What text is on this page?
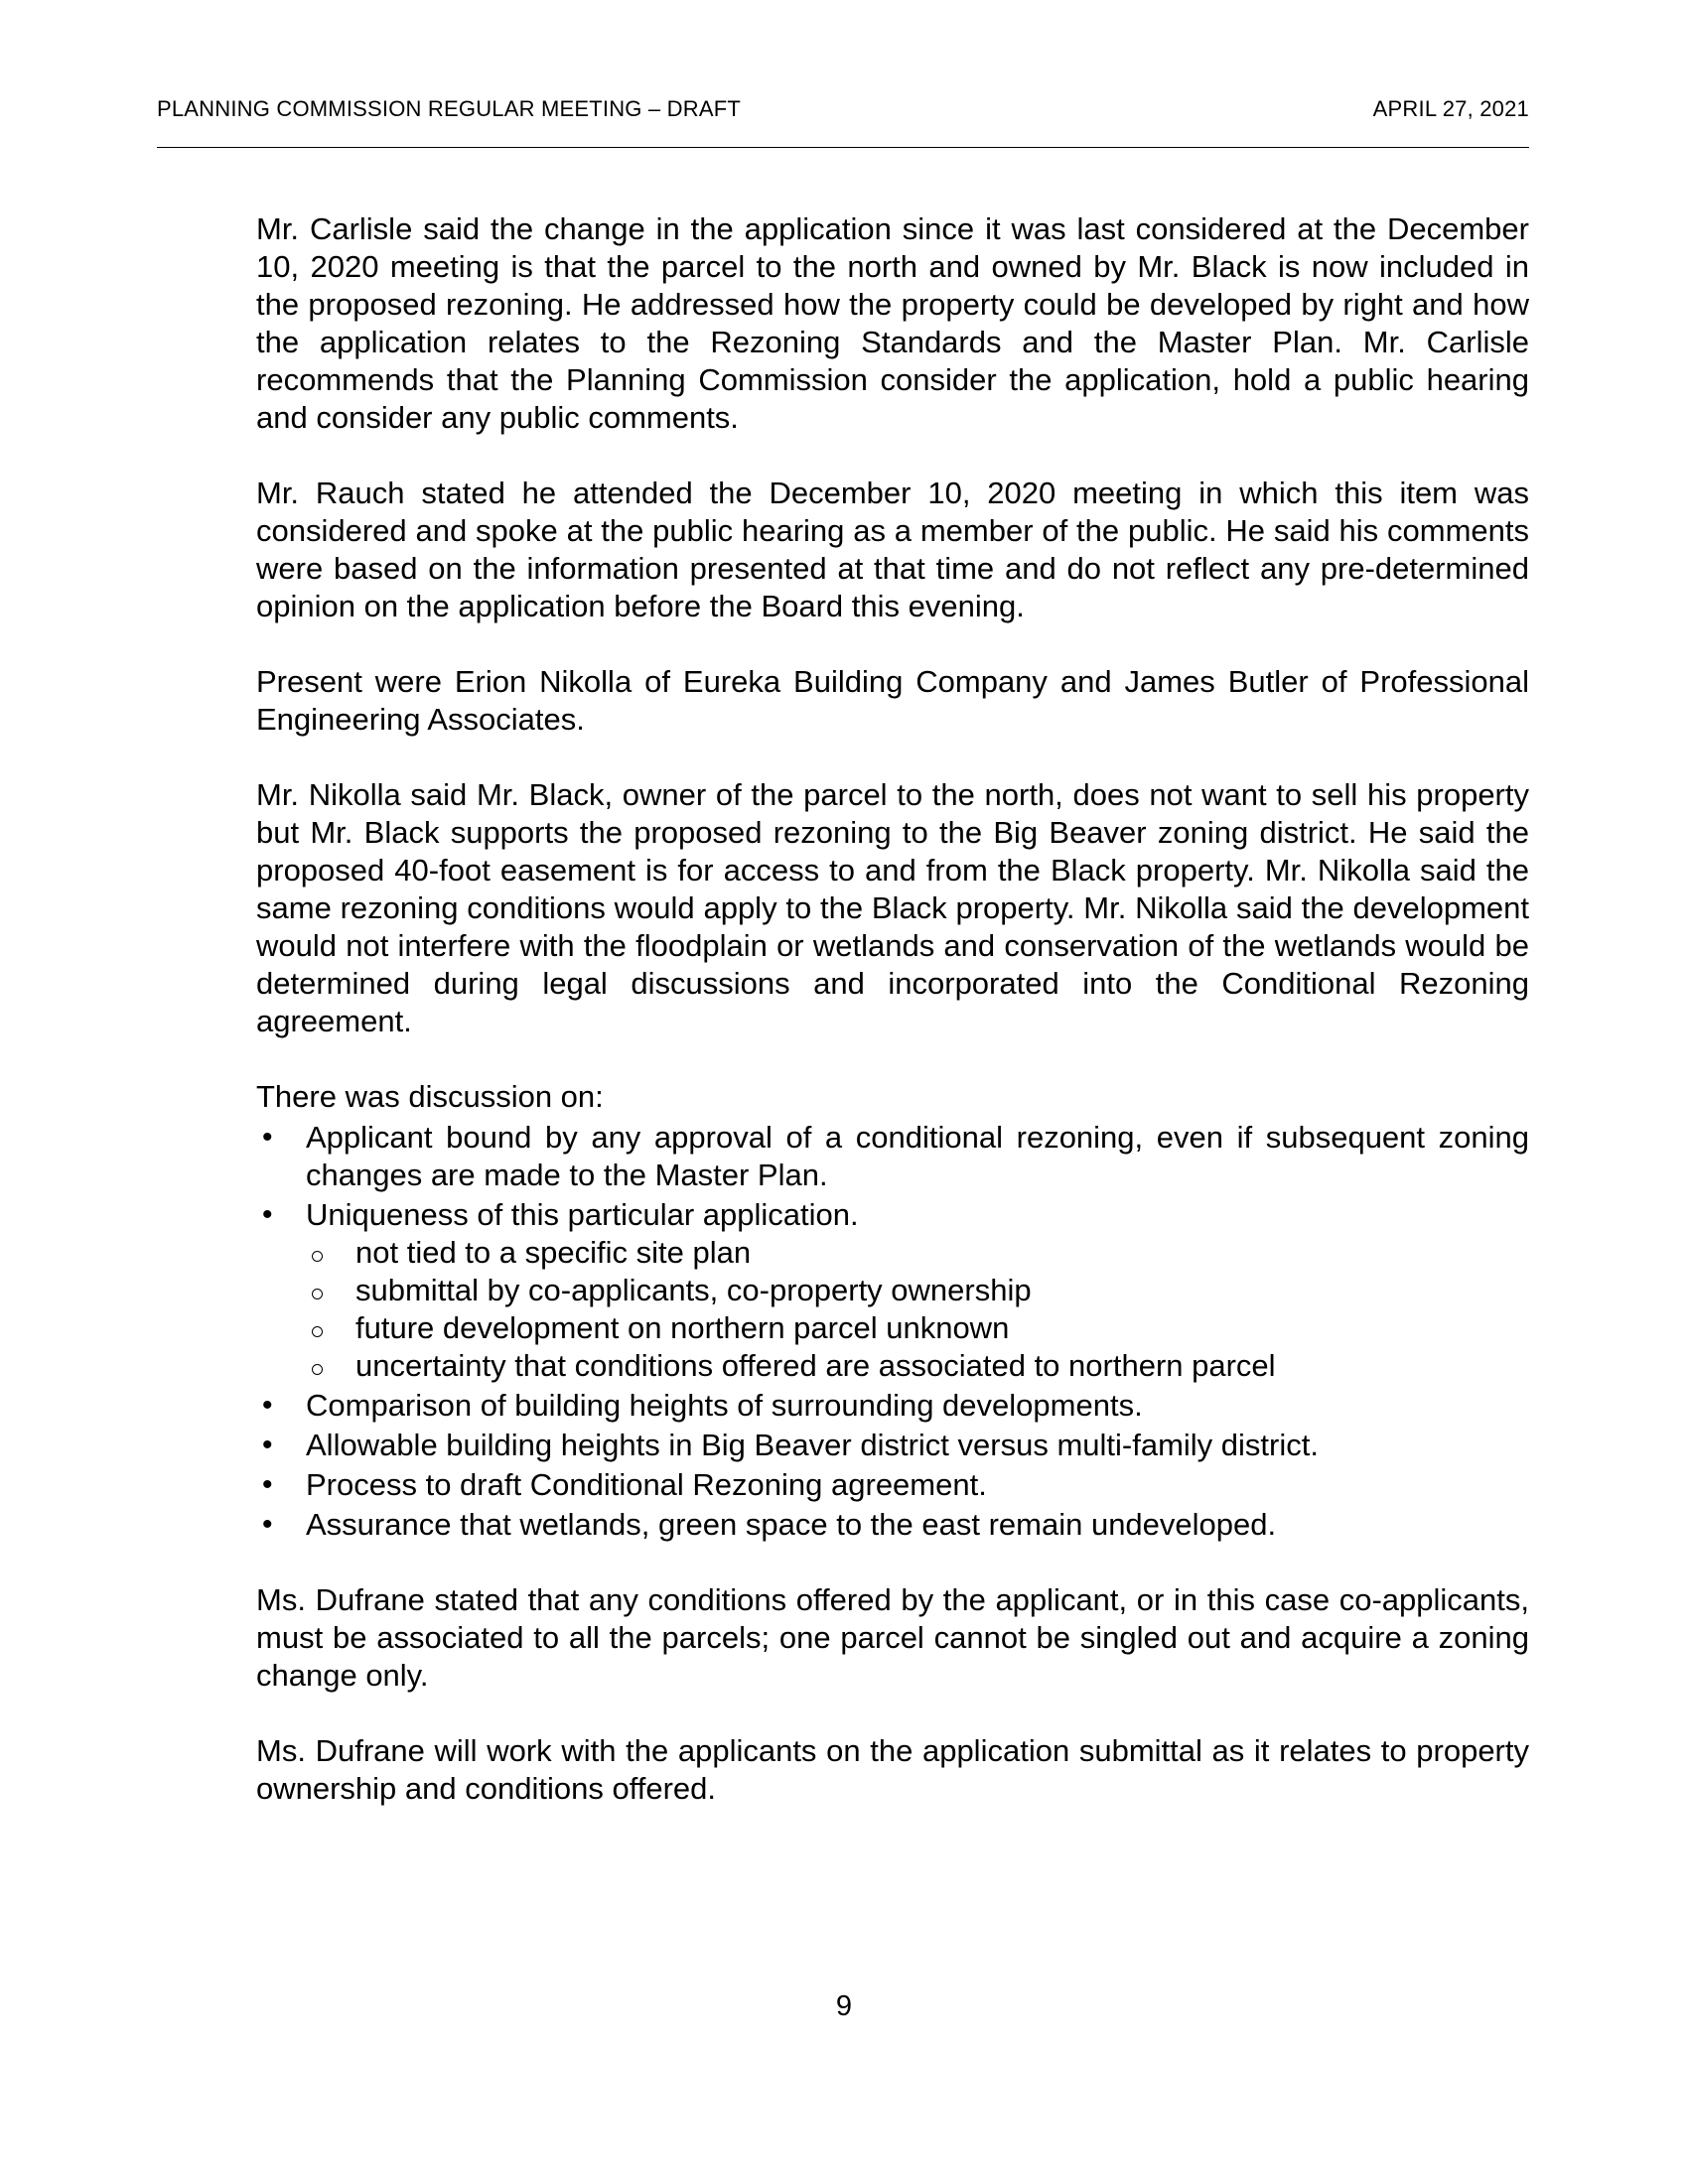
PLANNING COMMISSION REGULAR MEETING – DRAFT	APRIL 27, 2021

Mr. Carlisle said the change in the application since it was last considered at the December 10, 2020 meeting is that the parcel to the north and owned by Mr. Black is now included in the proposed rezoning. He addressed how the property could be developed by right and how the application relates to the Rezoning Standards and the Master Plan. Mr. Carlisle recommends that the Planning Commission consider the application, hold a public hearing and consider any public comments.

Mr. Rauch stated he attended the December 10, 2020 meeting in which this item was considered and spoke at the public hearing as a member of the public. He said his comments were based on the information presented at that time and do not reflect any pre-determined opinion on the application before the Board this evening.

Present were Erion Nikolla of Eureka Building Company and James Butler of Professional Engineering Associates.

Mr. Nikolla said Mr. Black, owner of the parcel to the north, does not want to sell his property but Mr. Black supports the proposed rezoning to the Big Beaver zoning district. He said the proposed 40-foot easement is for access to and from the Black property. Mr. Nikolla said the same rezoning conditions would apply to the Black property. Mr. Nikolla said the development would not interfere with the floodplain or wetlands and conservation of the wetlands would be determined during legal discussions and incorporated into the Conditional Rezoning agreement.

There was discussion on:

• Applicant bound by any approval of a conditional rezoning, even if subsequent zoning changes are made to the Master Plan.
• Uniqueness of this particular application.
not tied to a specific site plan
submittal by co-applicants, co-property ownership
future development on northern parcel unknown
uncertainty that conditions offered are associated to northern parcel
• Comparison of building heights of surrounding developments.
• Allowable building heights in Big Beaver district versus multi-family district.
• Process to draft Conditional Rezoning agreement.
• Assurance that wetlands, green space to the east remain undeveloped.

Ms. Dufrane stated that any conditions offered by the applicant, or in this case co-applicants, must be associated to all the parcels; one parcel cannot be singled out and acquire a zoning change only.

Ms. Dufrane will work with the applicants on the application submittal as it relates to property ownership and conditions offered.

9
